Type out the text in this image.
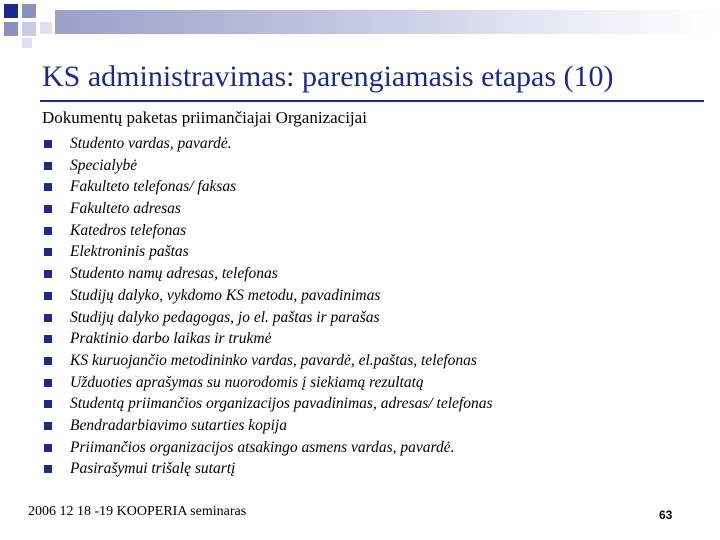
KS administravimas: parengiamasis etapas (10)
Dokumentų paketas priimančiajai Organizacijai
Studento vardas, pavardė.
Specialybė
Fakulteto telefonas/ faksas
Fakulteto adresas
Katedros telefonas
Elektroninis paštas
Studento namų adresas, telefonas
Studijų dalyko, vykdomo KS metodu, pavadinimas
Studijų dalyko pedagogas, jo el. paštas ir parašas
Praktinio darbo laikas ir trukmė
KS kuruojančio metodininko vardas, pavardė, el.paštas, telefonas
Užduoties aprašymas su nuorodomis į siekiamą rezultatą
Studentą priimančios organizacijos pavadinimas, adresas/ telefonas
Bendradarbiavimo sutarties kopija
Priimančios organizacijos atsakingo asmens vardas, pavardė.
Pasirašymui trišalę sutartį
2006 12 18 -19 KOOPERIA seminaras	63
